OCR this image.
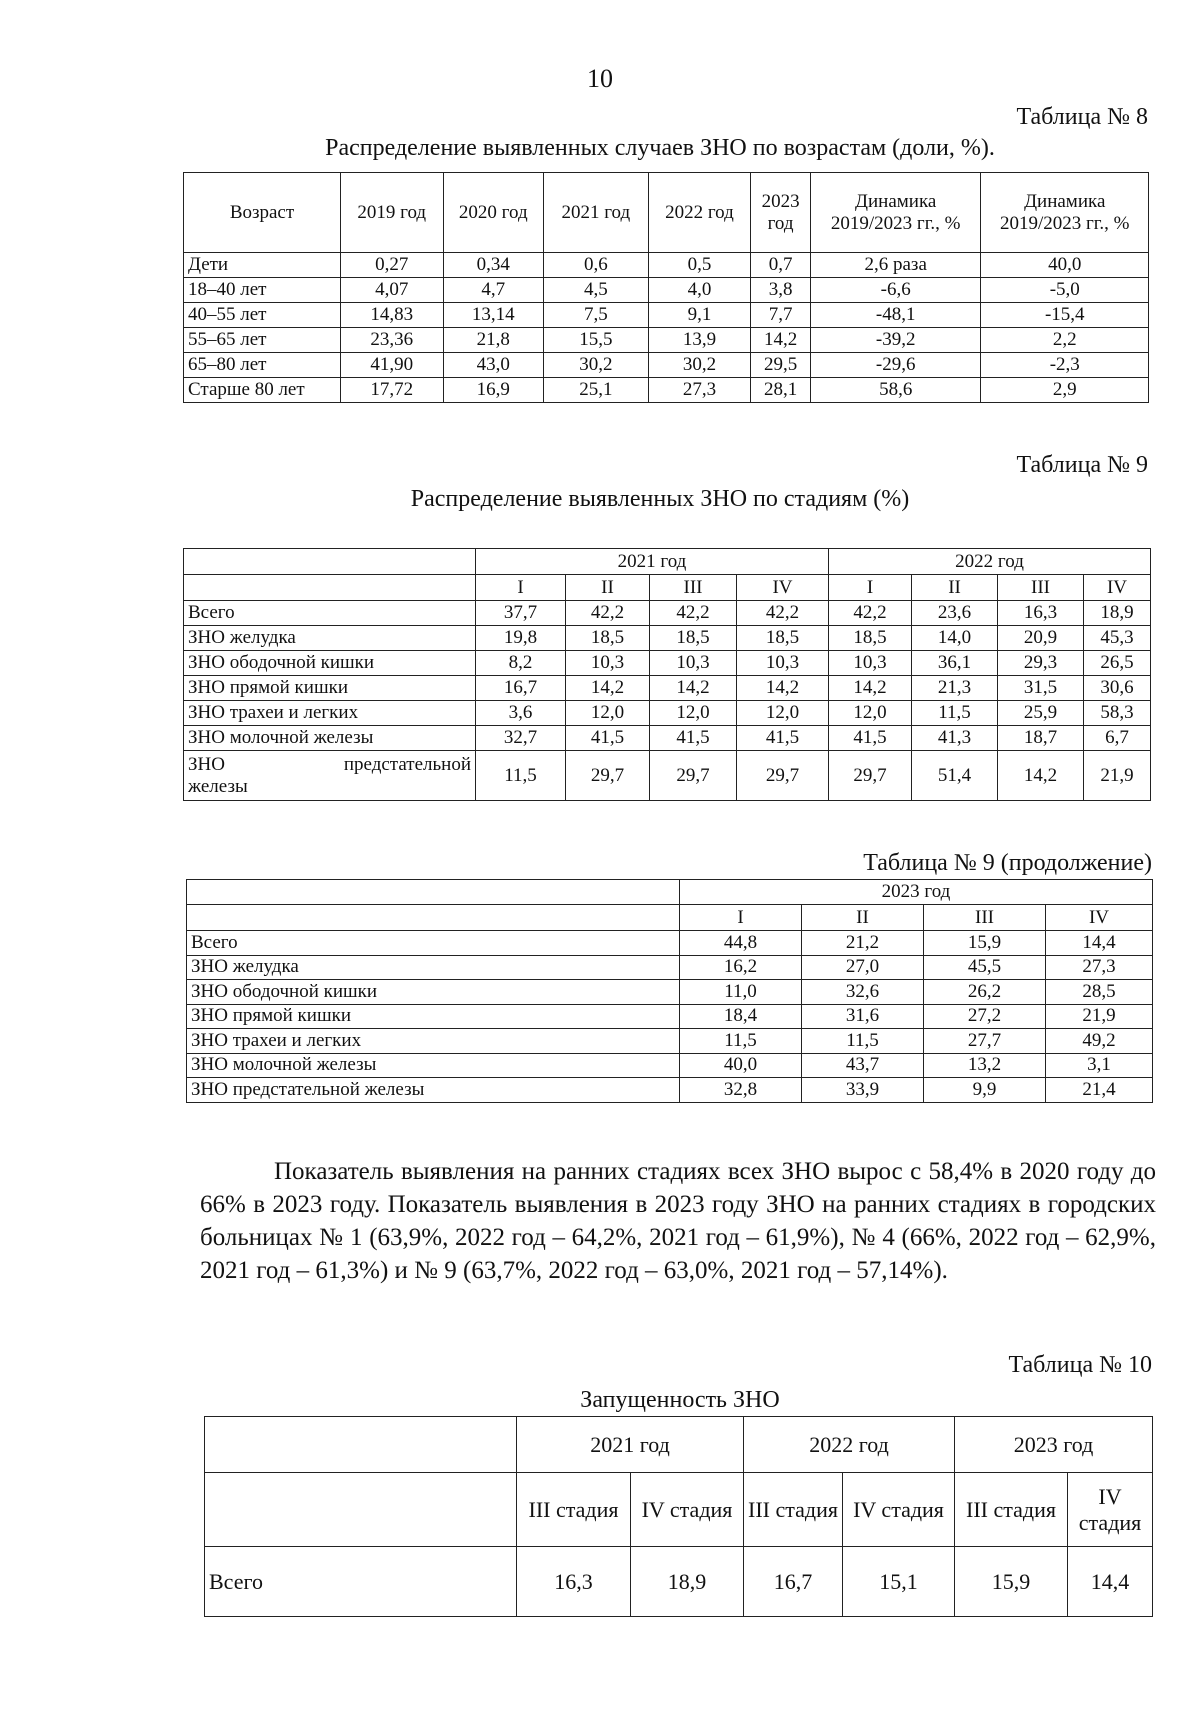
10
Таблица № 8
Распределение выявленных случаев ЗНО по возрастам (доли, %).
Возраст	2019 год	2020 год	2021 год	2022 год	2023 год	Динамика 2019/2023 гг., %	Динамика 2019/2023 гг., %
Дети	0,27	0,34	0,6	0,5	0,7	2,6 раза	40,0
18–40 лет	4,07	4,7	4,5	4,0	3,8	-6,6	-5,0
40–55 лет	14,83	13,14	7,5	9,1	7,7	-48,1	-15,4
55–65 лет	23,36	21,8	15,5	13,9	14,2	-39,2	2,2
65–80 лет	41,90	43,0	30,2	30,2	29,5	-29,6	-2,3
Старше 80 лет	17,72	16,9	25,1	27,3	28,1	58,6	2,9
Таблица № 9
Распределение выявленных ЗНО по стадиям (%)
	2021 год				2022 год			
	I	II	III	IV	I	II	III	IV
Всего	37,7	42,2	42,2	42,2	42,2	23,6	16,3	18,9
ЗНО желудка	19,8	18,5	18,5	18,5	18,5	14,0	20,9	45,3
ЗНО ободочной кишки	8,2	10,3	10,3	10,3	10,3	36,1	29,3	26,5
ЗНО прямой кишки	16,7	14,2	14,2	14,2	14,2	21,3	31,5	30,6
ЗНО трахеи и легких	3,6	12,0	12,0	12,0	12,0	11,5	25,9	58,3
ЗНО молочной железы	32,7	41,5	41,5	41,5	41,5	41,3	18,7	6,7

ЗНО предстательной
железы	11,5	29,7	29,7	29,7	29,7	51,4	14,2	21,9
Таблица № 9 (продолжение)
	2023 год			
	I	II	III	IV
Всего	44,8	21,2	15,9	14,4
ЗНО желудка	16,2	27,0	45,5	27,3
ЗНО ободочной кишки	11,0	32,6	26,2	28,5
ЗНО прямой кишки	18,4	31,6	27,2	21,9
ЗНО трахеи и легких	11,5	11,5	27,7	49,2
ЗНО молочной железы	40,0	43,7	13,2	3,1
ЗНО предстательной железы	32,8	33,9	9,9	21,4
Показатель выявления на ранних стадиях всех ЗНО вырос с 58,4% в 2020 году до 66% в 2023 году. Показатель выявления в 2023 году ЗНО на ранних стадиях в городских больницах № 1 (63,9%, 2022 год – 64,2%, 2021 год – 61,9%), № 4 (66%, 2022 год – 62,9%, 2021 год – 61,3%) и № 9 (63,7%, 2022 год – 63,0%, 2021 год – 57,14%).
Таблица № 10
Запущенность ЗНО
	2021 год		2022 год		2023 год	
	III стадия	IV стадия	III стадия	IV стадия	III стадия	IV стадия
Всего	16,3	18,9	16,7	15,1	15,9	14,4
